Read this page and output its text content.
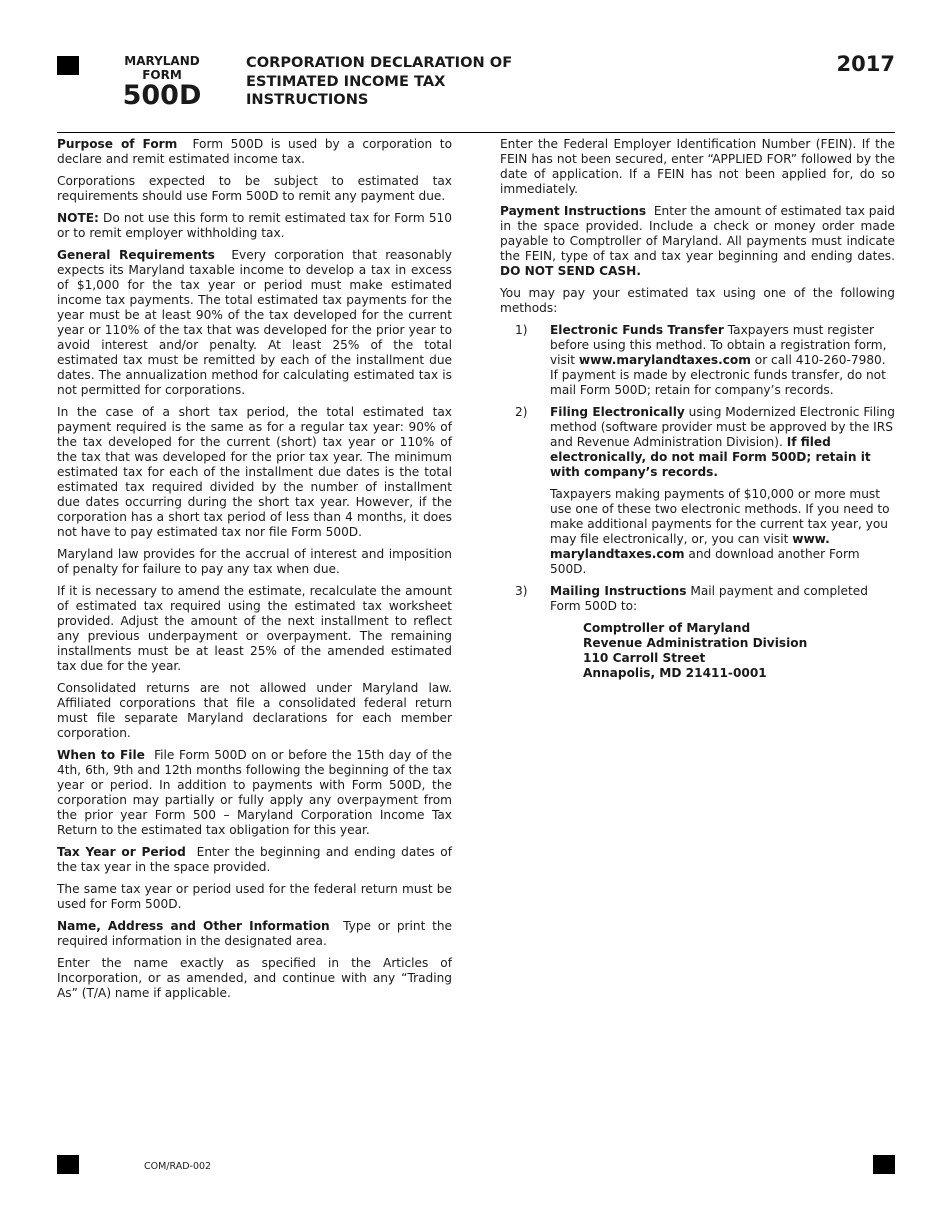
MARYLAND
FORM
500D
CORPORATION DECLARATION OF
ESTIMATED INCOME TAX
INSTRUCTIONS
2017

Purpose of Form Form 500D is used by a corporation to declare and remit estimated income tax.

Corporations expected to be subject to estimated tax requirements should use Form 500D to remit any payment due.

NOTE: Do not use this form to remit estimated tax for Form 510 or to remit employer withholding tax.

General Requirements Every corporation that reasonably expects its Maryland taxable income to develop a tax in excess of $1,000 for the tax year or period must make estimated income tax payments. The total estimated tax payments for the year must be at least 90% of the tax developed for the current year or 110% of the tax that was developed for the prior year to avoid interest and/or penalty. At least 25% of the total estimated tax must be remitted by each of the installment due dates. The annualization method for calculating estimated tax is not permitted for corporations.

In the case of a short tax period, the total estimated tax payment required is the same as for a regular tax year: 90% of the tax developed for the current (short) tax year or 110% of the tax that was developed for the prior tax year. The minimum estimated tax for each of the installment due dates is the total estimated tax required divided by the number of installment due dates occurring during the short tax year. However, if the corporation has a short tax period of less than 4 months, it does not have to pay estimated tax nor file Form 500D.

Maryland law provides for the accrual of interest and imposition of penalty for failure to pay any tax when due.

If it is necessary to amend the estimate, recalculate the amount of estimated tax required using the estimated tax worksheet provided. Adjust the amount of the next installment to reflect any previous underpayment or overpayment. The remaining installments must be at least 25% of the amended estimated tax due for the year.

Consolidated returns are not allowed under Maryland law. Affiliated corporations that file a consolidated federal return must file separate Maryland declarations for each member corporation.

When to File File Form 500D on or before the 15th day of the 4th, 6th, 9th and 12th months following the beginning of the tax year or period. In addition to payments with Form 500D, the corporation may partially or fully apply any overpayment from the prior year Form 500 – Maryland Corporation Income Tax Return to the estimated tax obligation for this year.

Tax Year or Period Enter the beginning and ending dates of the tax year in the space provided.

The same tax year or period used for the federal return must be used for Form 500D.

Name, Address and Other Information Type or print the required information in the designated area.

Enter the name exactly as specified in the Articles of Incorporation, or as amended, and continue with any “Trading As” (T/A) name if applicable.

Enter the Federal Employer Identification Number (FEIN). If the FEIN has not been secured, enter “APPLIED FOR” followed by the date of application. If a FEIN has not been applied for, do so immediately.

Payment Instructions Enter the amount of estimated tax paid in the space provided. Include a check or money order made payable to Comptroller of Maryland. All payments must indicate the FEIN, type of tax and tax year beginning and ending dates. DO NOT SEND CASH.

You may pay your estimated tax using one of the following methods:

1) Electronic Funds Transfer Taxpayers must register before using this method. To obtain a registration form, visit www.marylandtaxes.com or call 410-260-7980. If payment is made by electronic funds transfer, do not mail Form 500D; retain for company’s records.

2) Filing Electronically using Modernized Electronic Filing method (software provider must be approved by the IRS and Revenue Administration Division). If filed electronically, do not mail Form 500D; retain it with company’s records.

Taxpayers making payments of $10,000 or more must use one of these two electronic methods. If you need to make additional payments for the current tax year, you may file electronically, or, you can visit www. marylandtaxes.com and download another Form 500D.

3) Mailing Instructions Mail payment and completed Form 500D to:

Comptroller of Maryland
Revenue Administration Division
110 Carroll Street
Annapolis, MD 21411-0001
COM/RAD-002
